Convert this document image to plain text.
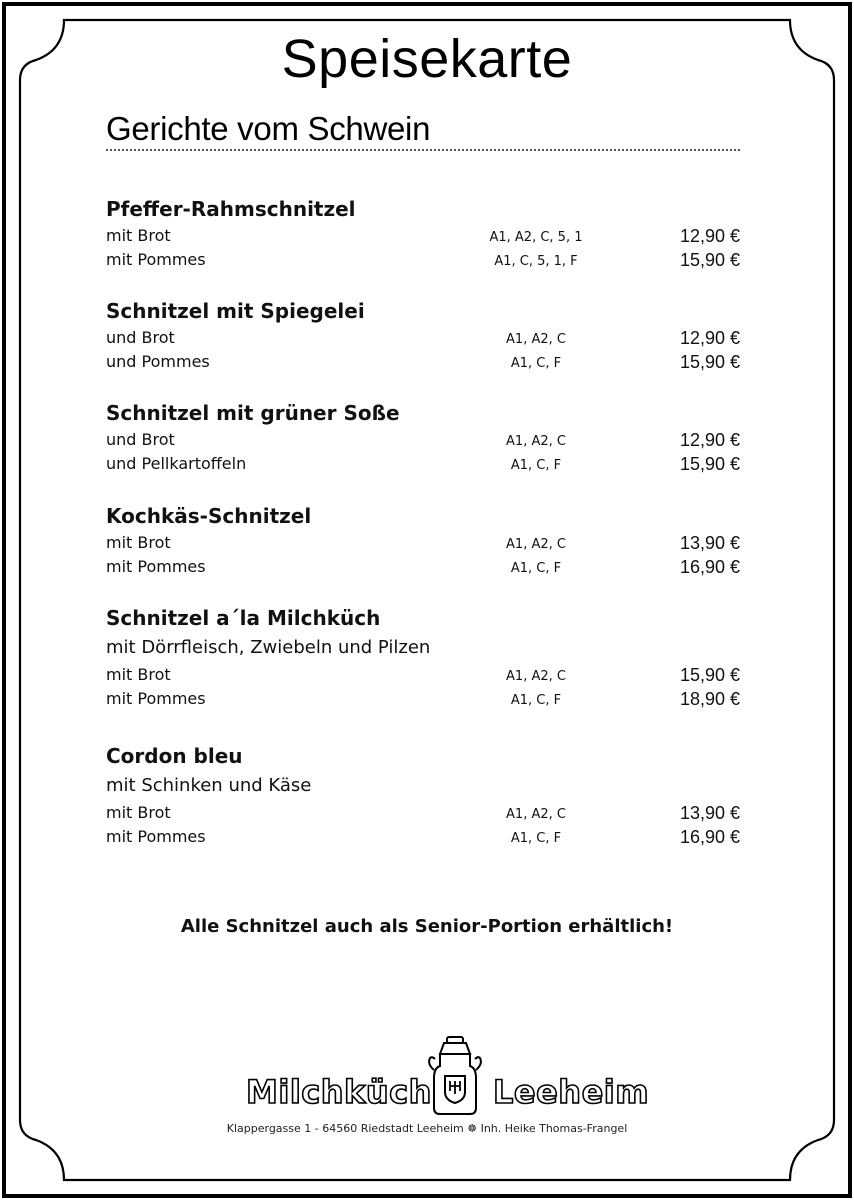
Speisekarte
Gerichte vom Schwein
Pfeffer-Rahmschnitzel
mit Brot	A1, A2, C, 5, 1	12,90 €
mit Pommes	A1, C, 5, 1, F	15,90 €
Schnitzel mit Spiegelei
und Brot	A1, A2, C	12,90 €
und Pommes	A1, C, F	15,90 €
Schnitzel mit grüner Soße
und Brot	A1, A2, C	12,90 €
und Pellkartoffeln	A1, C, F	15,90 €
Kochkäs-Schnitzel
mit Brot	A1, A2, C	13,90 €
mit Pommes	A1, C, F	16,90 €
Schnitzel a´la Milchküch
mit Dörrfleisch, Zwiebeln und Pilzen
mit Brot	A1, A2, C	15,90 €
mit Pommes	A1, C, F	18,90 €
Cordon bleu
mit Schinken und Käse
mit Brot	A1, A2, C	13,90 €
mit Pommes	A1, C, F	16,90 €
Alle Schnitzel auch als Senior-Portion erhältlich!
Milchküch Leeheim
Klappergasse 1 - 64560 Riedstadt Leeheim ☸ Inh. Heike Thomas-Frangel
